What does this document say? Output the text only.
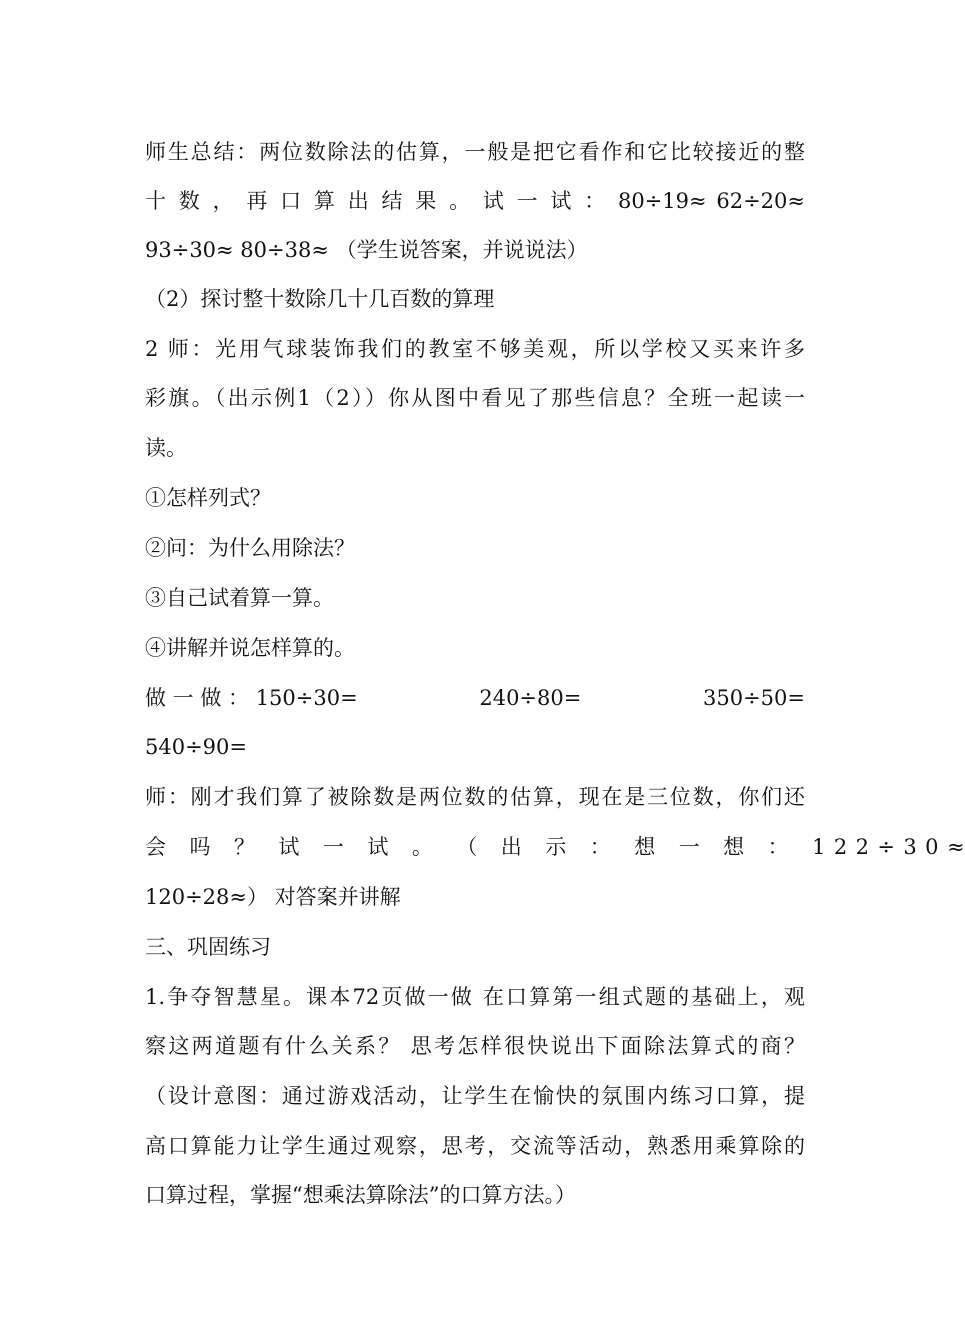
师生总结：两位数除法的估算，一般是把它看作和它比较接近的整
十 数 ， 再 口 算 出 结 果 。 试 一 试 ： 80÷19≈ 62÷20≈
93÷30≈ 80÷38≈ （学生说答案，并说说法）
（2）探讨整十数除几十几百数的算理
2 师：光用气球装饰我们的教室不够美观，所以学校又买来许多
彩旗。（出示例1（2））你从图中看见了那些信息？全班一起读一
读。
①怎样列式？
②问：为什么用除法？
③自己试着算一算。
④讲解并说怎样算的。
做 一 做 ： 150÷30=	240÷80=	350÷50=
540÷90=
师：刚才我们算了被除数是两位数的估算，现在是三位数，你们还
会 吗 ？ 试 一 试 。 （ 出 示 ： 想 一 想 ： 122÷30 ≈
120÷28≈） 对答案并讲解
三、巩固练习
1.争夺智慧星。课本72页做一做 在口算第一组式题的基础上，观
察这两道题有什么关系？ 思考怎样很快说出下面除法算式的商？
（设计意图：通过游戏活动，让学生在愉快的氛围内练习口算，提
高口算能力让学生通过观察，思考，交流等活动，熟悉用乘算除的
口算过程，掌握“想乘法算除法”的口算方法。）
